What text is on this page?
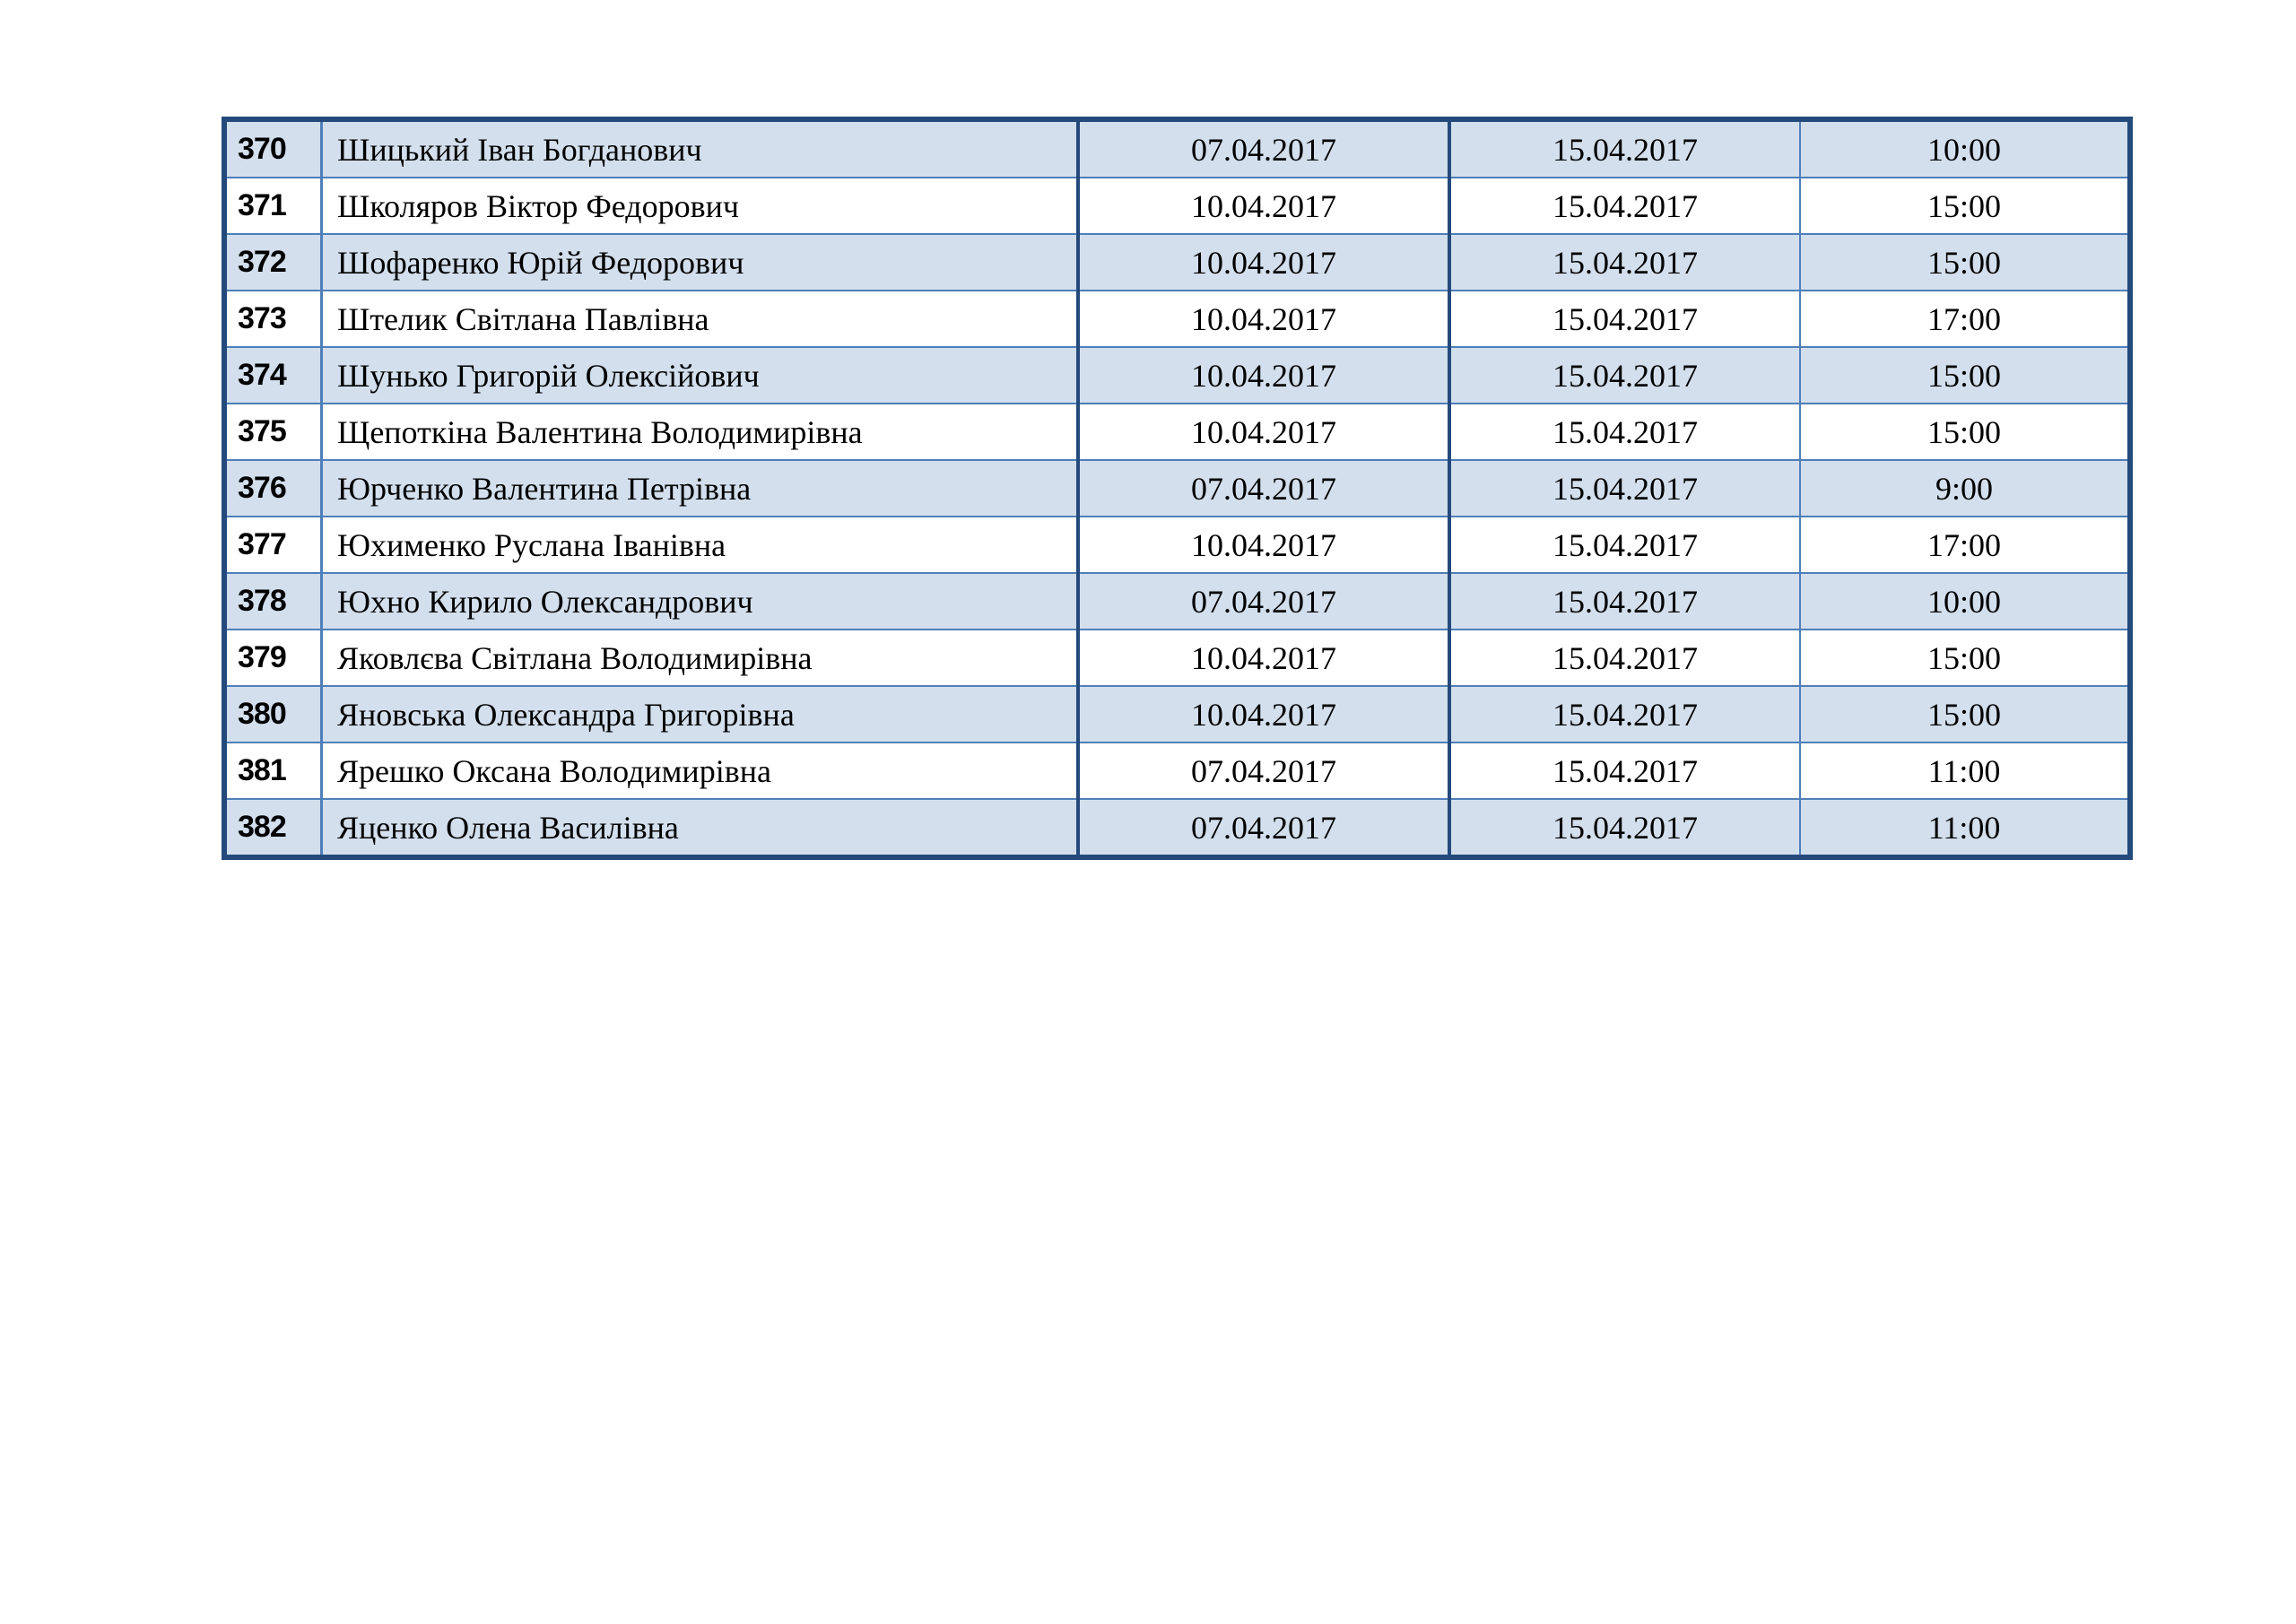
370	Шицький Іван Богданович	07.04.2017	15.04.2017	10:00
371	Школяров Віктор Федорович	10.04.2017	15.04.2017	15:00
372	Шофаренко Юрій Федорович	10.04.2017	15.04.2017	15:00
373	Штелик Світлана Павлівна	10.04.2017	15.04.2017	17:00
374	Шунько Григорій Олексійович	10.04.2017	15.04.2017	15:00
375	Щепоткіна Валентина Володимирівна	10.04.2017	15.04.2017	15:00
376	Юрченко Валентина Петрівна	07.04.2017	15.04.2017	9:00
377	Юхименко Руслана Іванівна	10.04.2017	15.04.2017	17:00
378	Юхно Кирило Олександрович	07.04.2017	15.04.2017	10:00
379	Яковлєва Світлана Володимирівна	10.04.2017	15.04.2017	15:00
380	Яновська Олександра Григорівна	10.04.2017	15.04.2017	15:00
381	Ярешко Оксана Володимирівна	07.04.2017	15.04.2017	11:00
382	Яценко Олена Василівна	07.04.2017	15.04.2017	11:00
